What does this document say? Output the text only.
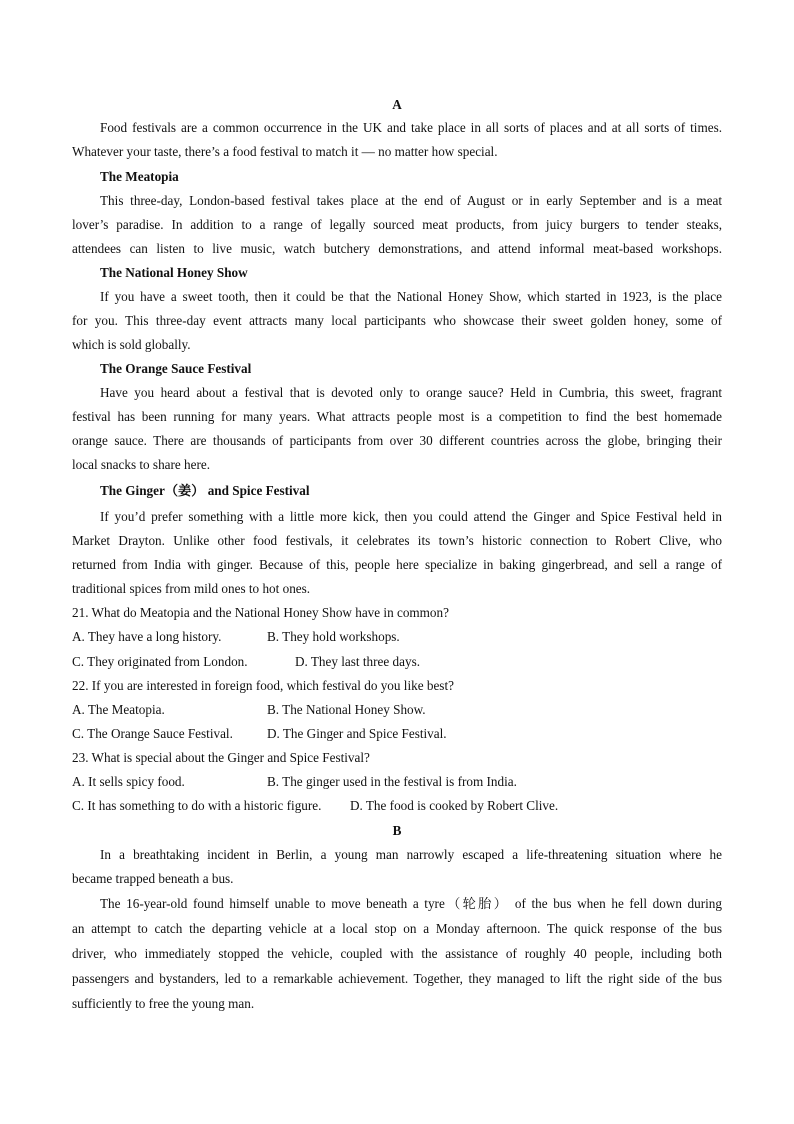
A
Food festivals are a common occurrence in the UK and take place in all sorts of places and at all sorts of times.
Whatever your taste, there’s a food festival to match it — no matter how special.
The Meatopia
This three-day, London-based festival takes place at the end of August or in early September and is a meat
lover’s paradise. In addition to a range of legally sourced meat products, from juicy burgers to tender steaks,
attendees can listen to live music, watch butchery demonstrations, and attend informal meat-based workshops.
The National Honey Show
If you have a sweet tooth, then it could be that the National Honey Show, which started in 1923, is the place
for you. This three-day event attracts many local participants who showcase their sweet golden honey, some of
which is sold globally.
The Orange Sauce Festival
Have you heard about a festival that is devoted only to orange sauce? Held in Cumbria, this sweet, fragrant
festival has been running for many years. What attracts people most is a competition to find the best homemade
orange sauce. There are thousands of participants from over 30 different countries across the globe, bringing their
local snacks to share here.
The Ginger（姜） and Spice Festival
If you’d prefer something with a little more kick, then you could attend the Ginger and Spice Festival held in
Market Drayton. Unlike other food festivals, it celebrates its town’s historic connection to Robert Clive, who
returned from India with ginger. Because of this, people here specialize in baking gingerbread, and sell a range of
traditional spices from mild ones to hot ones.
21. What do Meatopia and the National Honey Show have in common?
A. They have a long history.	B. They hold workshops.
C. They originated from London.	D. They last three days.
22. If you are interested in foreign food, which festival do you like best?
A. The Meatopia.	B. The National Honey Show.
C. The Orange Sauce Festival.	D. The Ginger and Spice Festival.
23. What is special about the Ginger and Spice Festival?
A. It sells spicy food.	B. The ginger used in the festival is from India.
C. It has something to do with a historic figure. D. The food is cooked by Robert Clive.
B
In a breathtaking incident in Berlin, a young man narrowly escaped a life-threatening situation where he
became trapped beneath a bus.
The 16-year-old found himself unable to move beneath a tyre（轮胎） of the bus when he fell down during
an attempt to catch the departing vehicle at a local stop on a Monday afternoon. The quick response of the bus
driver, who immediately stopped the vehicle, coupled with the assistance of roughly 40 people, including both
passengers and bystanders, led to a remarkable achievement. Together, they managed to lift the right side of the bus
sufficiently to free the young man.
